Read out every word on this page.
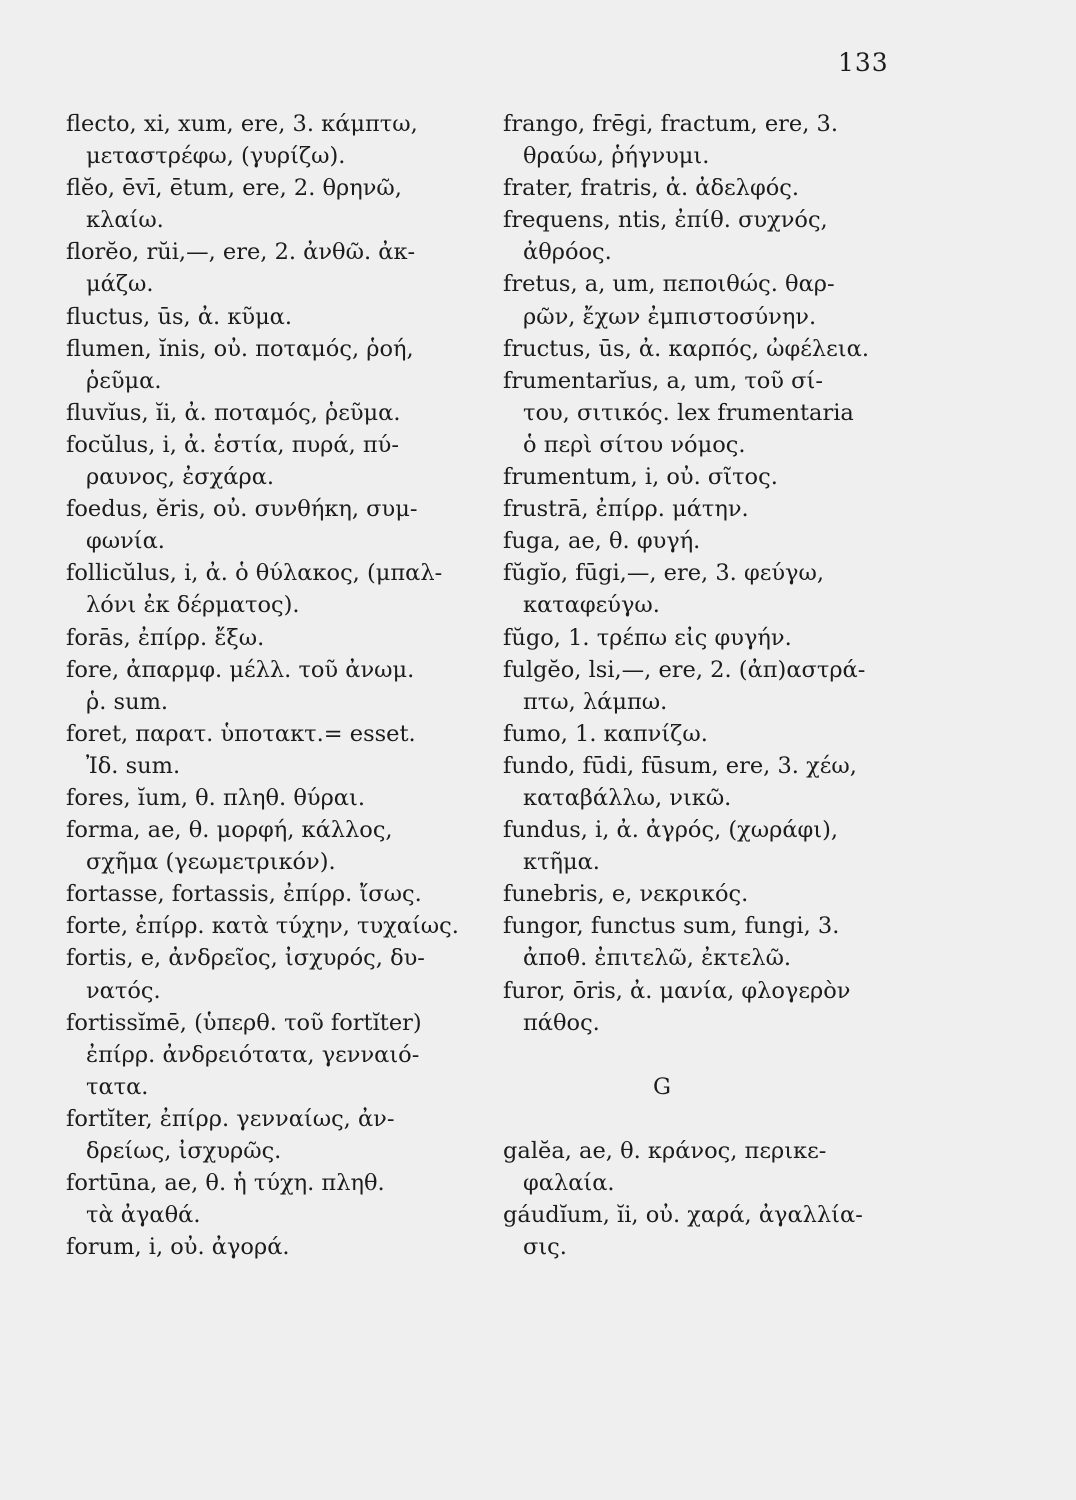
133
flecto, xi, xum, ere, 3. κάμπτω,
μεταστρέφω, (γυρίζω).
flĕo, ēvī, ētum, ere, 2. θρηνῶ,
κλαίω.
florĕo, rŭi,—, ere, 2. ἀνθῶ. ἀκ-
μάζω.
fluctus, ūs, ἀ. κῦμα.
flumen, ĭnis, οὐ. ποταμός, ῥοή,
ῥεῦμα.
fluvĭus, ĭi, ἀ. ποταμός, ῥεῦμα.
focŭlus, i, ἀ. ἑστία, πυρά, πύ-
ραυνος, ἐσχάρα.
foedus, ĕris, οὐ. συνθήκη, συμ-
φωνία.
follicŭlus, i, ἀ. ὁ θύλακος, (μπαλ-
λόνι ἐκ δέρματος).
forās, ἐπίρρ. ἔξω.
fore, ἀπαρμφ. μέλλ. τοῦ ἀνωμ.
ῥ. sum.
foret, παρατ. ὑποτακτ.= esset.
Ἰδ. sum.
fores, ĭum, θ. πληθ. θύραι.
forma, ae, θ. μορφή, κάλλος,
σχῆμα (γεωμετρικόν).
fortasse, fortassis, ἐπίρρ. ἴσως.
forte, ἐπίρρ. κατὰ τύχην, τυχαίως.
fortis, e, ἀνδρεῖος, ἰσχυρός, δυ-
νατός.
fortissĭmē, (ὑπερθ. τοῦ fortĭter)
ἐπίρρ. ἀνδρειότατα, γενναιό-
τατα.
fortĭter, ἐπίρρ. γενναίως, ἀν-
δρείως, ἰσχυρῶς.
fortūna, ae, θ. ἡ τύχη. πληθ.
τὰ ἀγαθά.
forum, i, οὐ. ἀγορά.
frango, frēgi, fractum, ere, 3.
θραύω, ῥήγνυμι.
frater, fratris, ἀ. ἀδελφός.
frequens, ntis, ἐπίθ. συχνός,
ἀθρόος.
fretus, a, um, πεποιθώς. θαρ-
ρῶν, ἔχων ἐμπιστοσύνην.
fructus, ūs, ἀ. καρπός, ὠφέλεια.
frumentarĭus, a, um, τοῦ σί-
του, σιτικός. lex frumentaria
ὁ περὶ σίτου νόμος.
frumentum, i, οὐ. σῖτος.
frustrā, ἐπίρρ. μάτην.
fuga, ae, θ. φυγή.
fŭgĭo, fūgi,—, ere, 3. φεύγω,
καταφεύγω.
fŭgo, 1. τρέπω εἰς φυγήν.
fulgĕo, lsi,—, ere, 2. (ἀπ)αστρά-
πτω, λάμπω.
fumo, 1. καπνίζω.
fundo, fūdi, fūsum, ere, 3. χέω,
καταβάλλω, νικῶ.
fundus, i, ἀ. ἀγρός, (χωράφι),
κτῆμα.
funebris, e, νεκρικός.
fungor, functus sum, fungi, 3.
ἀποθ. ἐπιτελῶ, ἐκτελῶ.
furor, ōris, ἀ. μανία, φλογερὸν
πάθος.
G
galĕa, ae, θ. κράνος, περικε-
φαλαία.
gáudĭum, ĭi, οὐ. χαρά, ἀγαλλία-
σις.
